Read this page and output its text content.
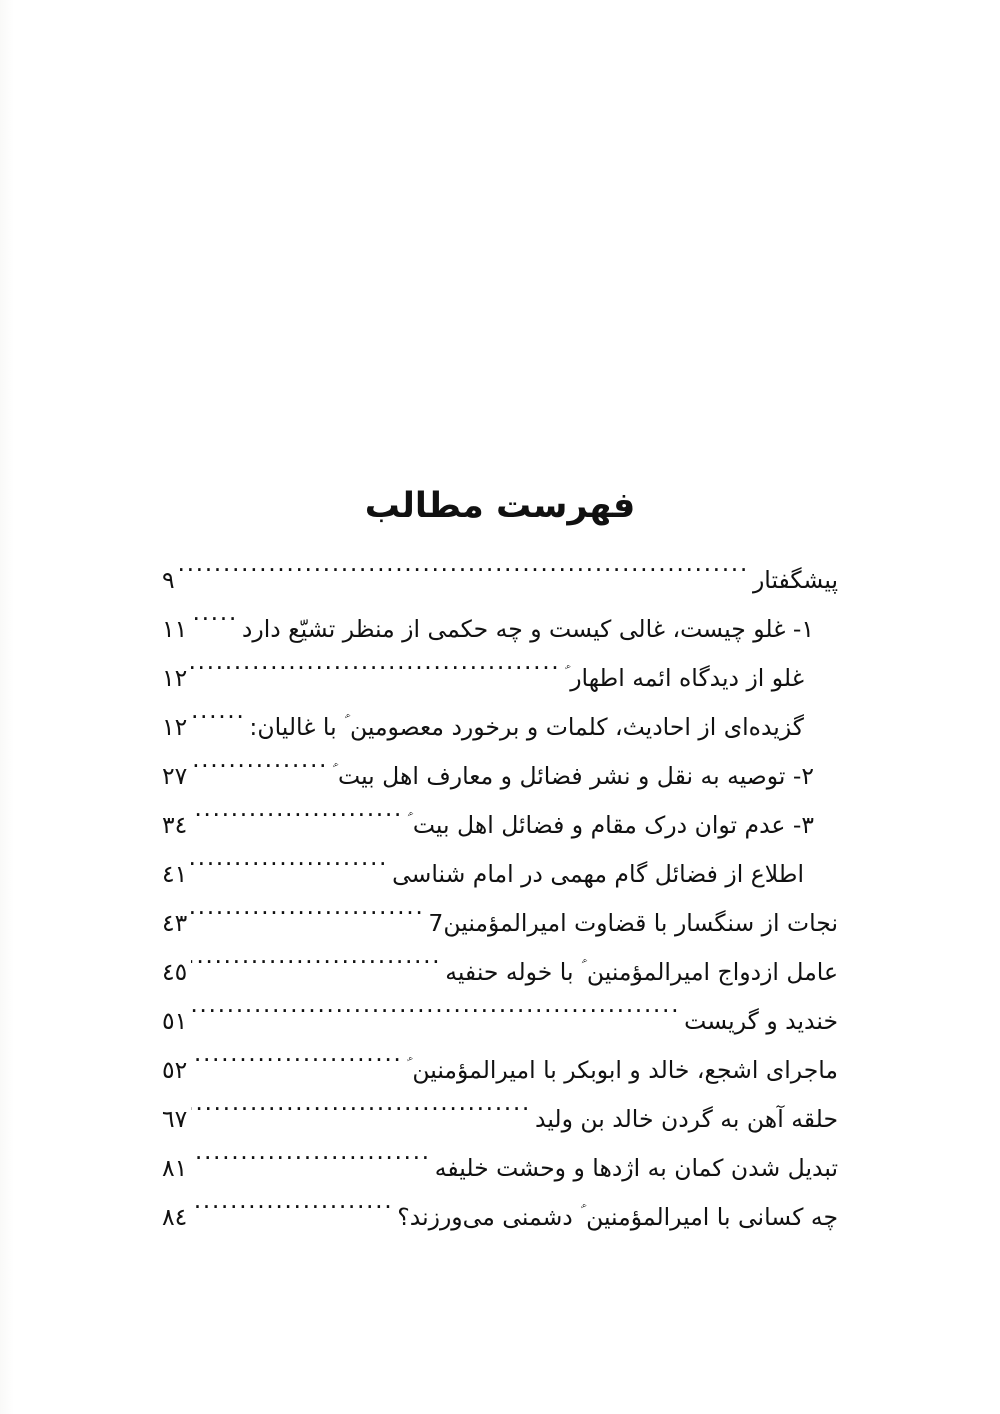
فهرست مطالب
پیشگفتار
.....
٩
١- غلو چیست، غالی کیست و چه حکمی از منظر تشیّع دارد
.....
١١
غلو از دیدگاه ائمه اطهار ؑ
.....
١٢
گزیده‌ای از احادیث، کلمات و برخورد معصومین ؑ با غالیان:
.....
١٢
٢- توصیه به نقل و نشر فضائل و معارف اهل بیت ؑ
.....
٢٧
٣- عدم توان درک مقام و فضائل اهل بیت ؑ
.....
٣٤
اطلاع از فضائل گام مهمی در امام شناسی
.....
٤١
نجات از سنگسار با قضاوت امیرالمؤمنین7
.....
٤٣
عامل ازدواج امیرالمؤمنین ؑ با خوله حنفیه
.....
٤٥
خندید و گریست
.....
٥١
ماجرای اشجع، خالد و ابوبکر با امیرالمؤمنین ؑ
.....
٥٢
حلقه آهن به گردن خالد بن ولید
.....
٦٧
تبدیل شدن کمان به اژدها و وحشت خلیفه
.....
٨١
چه کسانی با امیرالمؤمنین ؑ دشمنی می‌ورزند؟
.....
٨٤
